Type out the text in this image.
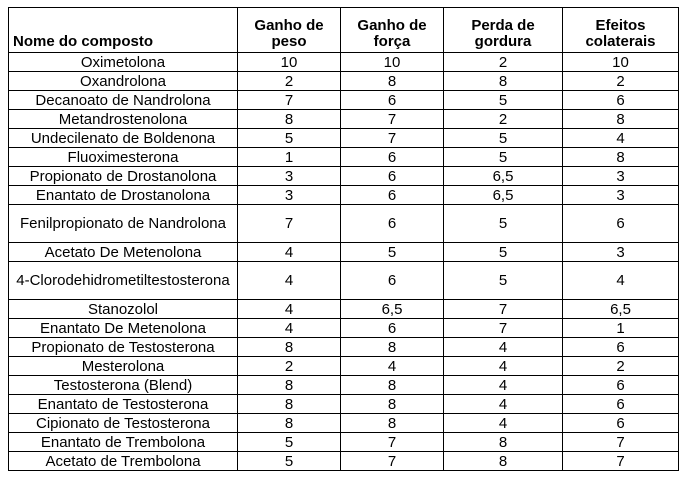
Nome do composto	Ganho de peso	Ganho de força	Perda de gordura	Efeitos colaterais
Oximetolona	10	10	2	10
Oxandrolona	2	8	8	2
Decanoato de Nandrolona	7	6	5	6
Metandrostenolona	8	7	2	8
Undecilenato de Boldenona	5	7	5	4
Fluoximesterona	1	6	5	8
Propionato de Drostanolona	3	6	6,5	3
Enantato de Drostanolona	3	6	6,5	3
Fenilpropionato de Nandrolona	7	6	5	6
Acetato De Metenolona	4	5	5	3
4-Clorodehidrometiltestosterona	4	6	5	4
Stanozolol	4	6,5	7	6,5
Enantato De Metenolona	4	6	7	1
Propionato de Testosterona	8	8	4	6
Mesterolona	2	4	4	2
Testosterona (Blend)	8	8	4	6
Enantato de Testosterona	8	8	4	6
Cipionato de Testosterona	8	8	4	6
Enantato de Trembolona	5	7	8	7
Acetato de Trembolona	5	7	8	7
